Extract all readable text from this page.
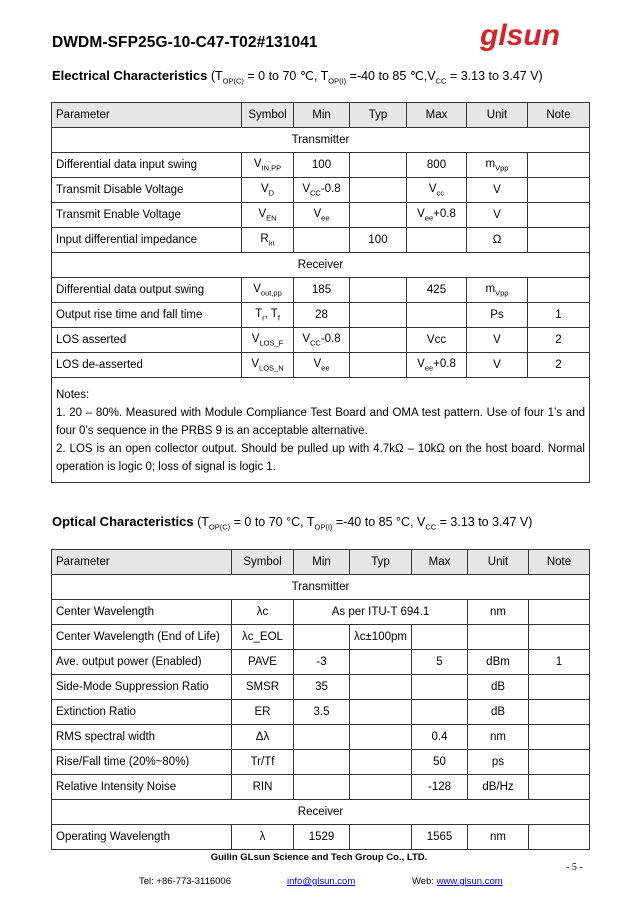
DWDM-SFP25G-10-C47-T02#131041	glsun
Electrical Characteristics ($T_{OP(C)} = 0$ to 70 ℃, $T_{OP(I)} =-40$ to 85 $℃,V_{CC} = 3.13$ to 3.47 V)
Parameter	Symbol	Min	Typ	Max	Unit	Note
Transmitter						
Differential data input swing	$V_{IN,PP}$	100		800	$m_{Vpp}$	
Transmit Disable Voltage	$V_D$	$V_{CC}-0.8$		$V_{cc}$	V	
Transmit Enable Voltage	$V_{EN}$	$V_{ee}$		$V_{ee}+0.8$	V	
Input differential impedance	$R_{in}$		100		Ω	
Receiver						
Differential data output swing	$V_{out,pp}$	185		425	$m_{Vpp}$	
Output rise time and fall time	$T_r$, $T_f$	28			Ps	1
LOS asserted	$V_{LOS\_F}$	$V_{CC}-0.8$		Vcc	V	2
LOS de-asserted	$V_{LOS\_N}$	$V_{ee}$		$V_{ee}+0.8$	V	2

Notes:
1. 20 – 80%. Measured with Module Compliance Test Board and OMA test pattern. Use of four 1’s and four 0’s sequence in the PRBS 9 is an acceptable alternative.
2. LOS is an open collector output. Should be pulled up with 4.7kΩ – 10kΩ on the host board. Normal operation is logic 0; loss of signal is logic 1.						
Optical Characteristics ($T_{OP(C)} = 0$ to 70 °C, $T_{OP(I)} =-40$ to 85 °C, $V_{CC} = 3.13$ to 3.47 V)
Parameter	Symbol	Min	Typ	Max	Unit	Note
Transmitter						
Center Wavelength	λc	As per ITU-T 694.1			nm	
Center Wavelength (End of Life)	λc_EOL		λc±100pm			
Ave. output power (Enabled)	PAVE	-3		5	dBm	1
Side-Mode Suppression Ratio	SMSR	35			dB	
Extinction Ratio	ER	3.5			dB	
RMS spectral width	Δλ			0.4	nm	
Rise/Fall time (20%~80%)	Tr/Tf			50	ps	
Relative Intensity Noise	RIN			-128	dB/Hz	
Receiver						
Operating Wavelength	λ	1529		1565	nm	
Guilin GLsun Science and Tech Group Co., LTD.
- 5 -
Tel: +86-773-3116006	info@glsun.com	Web: www.glsun.com
